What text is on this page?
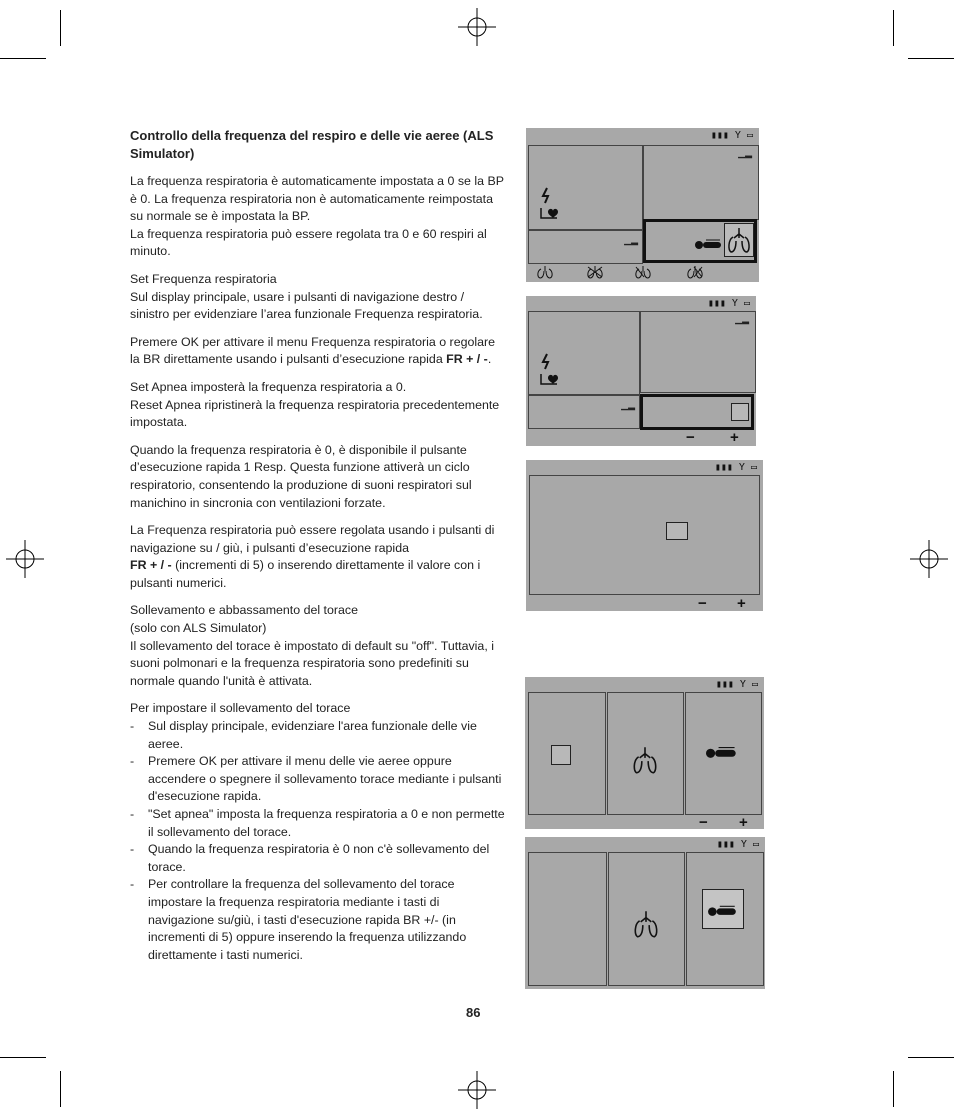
Controllo della frequenza del respiro e delle vie aeree (ALS Simulator)

La frequenza respiratoria è automaticamente impostata a 0 se la BP è 0. La frequenza respiratoria non è automaticamente reimpostata su normale se è impostata la BP.
La frequenza respiratoria può essere regolata tra 0 e 60 respiri al minuto.

Set Frequenza respiratoria
Sul display principale, usare i pulsanti di navigazione destro / sinistro per evidenziare l’area funzionale Frequenza respiratoria.

Premere OK per attivare il menu Frequenza respiratoria o regolare la BR direttamente usando i pulsanti d’esecuzione rapida FR + / -.

Set Apnea imposterà la frequenza respiratoria a 0.
Reset Apnea ripristinerà la frequenza respiratoria precedentemente impostata.

Quando la frequenza respiratoria è 0, è disponibile il pulsante d’esecuzione rapida 1 Resp. Questa funzione attiverà un ciclo respiratorio, consentendo la produzione di suoni respiratori sul manichino in sincronia con ventilazioni forzate.

La Frequenza respiratoria può essere regolata usando i pulsanti di navigazione su / giù, i pulsanti d’esecuzione rapida
FR + / - (incrementi di 5) o inserendo direttamente il valore con i pulsanti numerici.

Sollevamento e abbassamento del torace
(solo con ALS Simulator)
Il sollevamento del torace è impostato di default su "off". Tuttavia, i suoni polmonari e la frequenza respiratoria sono predefiniti su normale quando l'unità è attivata.

Per impostare il sollevamento del torace

- Sul display principale, evidenziare l'area funzionale delle vie aeree.
- Premere OK per attivare il menu delle vie aeree oppure accendere o spegnere il sollevamento torace mediante i pulsanti d'esecuzione rapida.
- "Set apnea" imposta la frequenza respiratoria a 0 e non permette il sollevamento del torace.
- Quando la frequenza respiratoria è 0 non c'è sollevamento del torace.
- Per controllare la frequenza del sollevamento del torace impostare la frequenza respiratoria mediante i tasti di navigazione su/giù, i tasti d'esecuzione rapida BR +/- (in incrementi di 5) oppure inserendo la frequenza utilizzando direttamente i tasti numerici.
86
▮▮▮ Y ▭
▁▂
▁▂
▮▮▮ Y ▭
▁▂
▁▂
− +
▮▮▮ Y ▭
− +
▮▮▮ Y ▭
− +
▮▮▮ Y ▭
